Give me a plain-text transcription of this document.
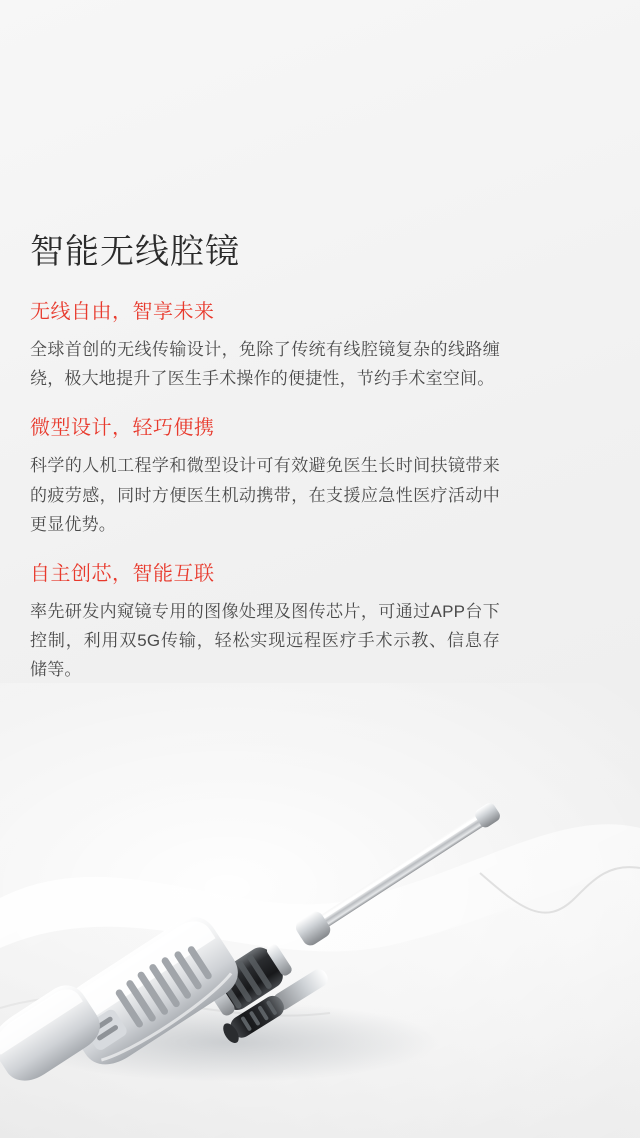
智能无线腔镜
无线自由，智享未来

全球首创的无线传输设计，免除了传统有线腔镜复杂的线路缠绕，极大地提升了医生手术操作的便捷性，节约手术室空间。

微型设计，轻巧便携

科学的人机工程学和微型设计可有效避免医生长时间扶镜带来的疲劳感，同时方便医生机动携带，在支援应急性医疗活动中更显优势。

自主创芯，智能互联

率先研发内窥镜专用的图像处理及图传芯片，可通过APP台下控制，利用双5G传输，轻松实现远程医疗手术示教、信息存储等。
